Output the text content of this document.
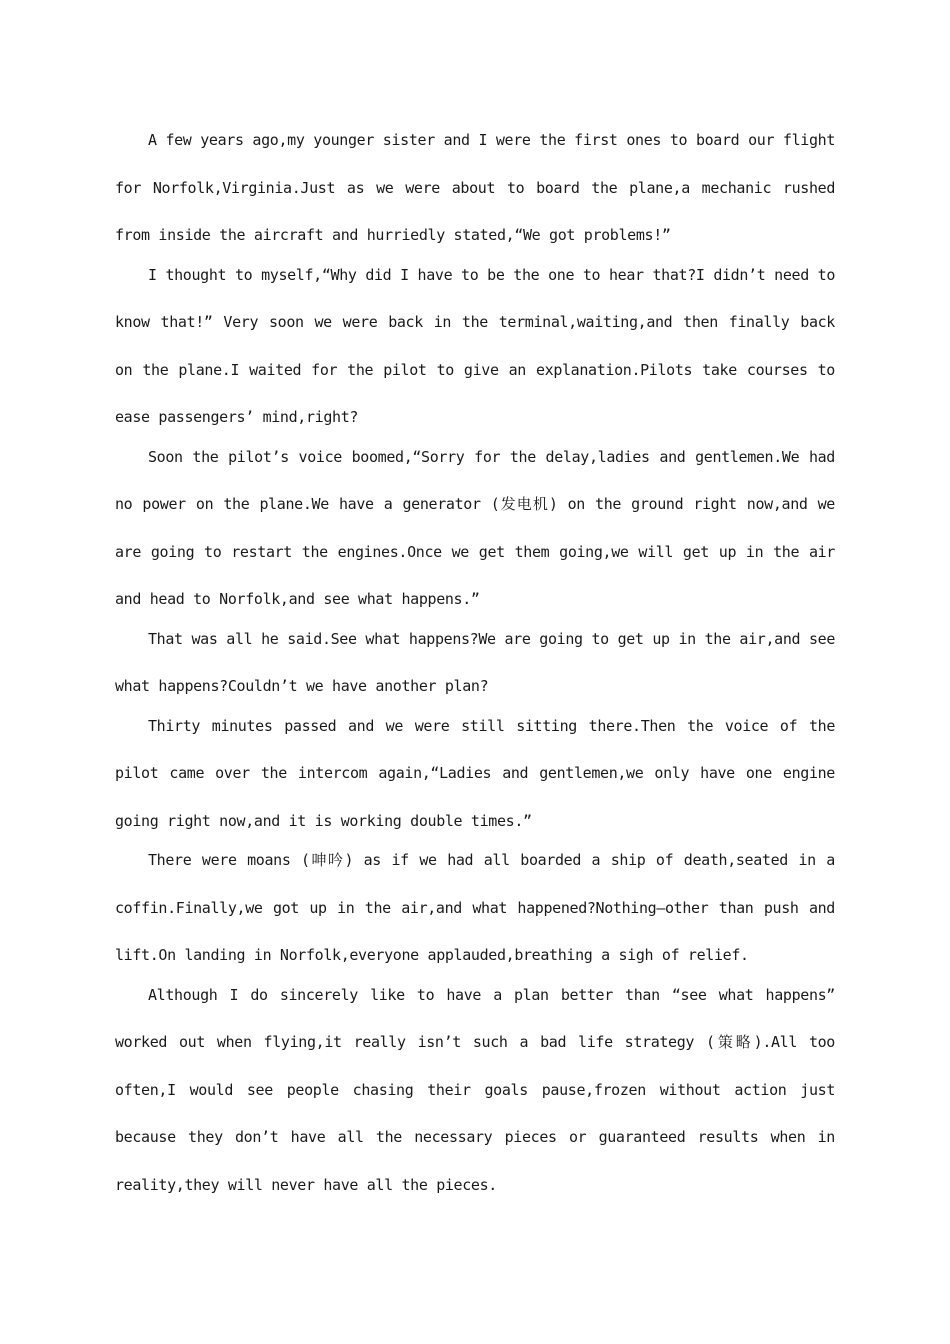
A few years ago,my younger sister and I were the first ones to board our flight for Norfolk,Virginia.Just as we were about to board the plane,a mechanic rushed from inside the aircraft and hurriedly stated,“We got problems!”

I thought to myself,“Why did I have to be the one to hear that?I didn’t need to know that!” Very soon we were back in the terminal,waiting,and then finally back on the plane.I waited for the pilot to give an explanation.Pilots take courses to ease passengers’ mind,right?

Soon the pilot’s voice boomed,“Sorry for the delay,ladies and gentlemen.We had no power on the plane.We have a generator (发电机) on the ground right now,and we are going to restart the engines.Once we get them going,we will get up in the air and head to Norfolk,and see what happens.”

That was all he said.See what happens?We are going to get up in the air,and see what happens?Couldn’t we have another plan?

Thirty minutes passed and we were still sitting there.Then the voice of the pilot came over the intercom again,“Ladies and gentlemen,we only have one engine going right now,and it is working double times.”

There were moans (呻吟) as if we had all boarded a ship of death,seated in a coffin.Finally,we got up in the air,and what happened?Nothing—other than push and lift.On landing in Norfolk,everyone applauded,breathing a sigh of relief.

Although I do sincerely like to have a plan better than “see what happens” worked out when flying,it really isn’t such a bad life strategy (策略).All too often,I would see people chasing their goals pause,frozen without action just because they don’t have all the necessary pieces or guaranteed results when in reality,they will never have all the pieces.
